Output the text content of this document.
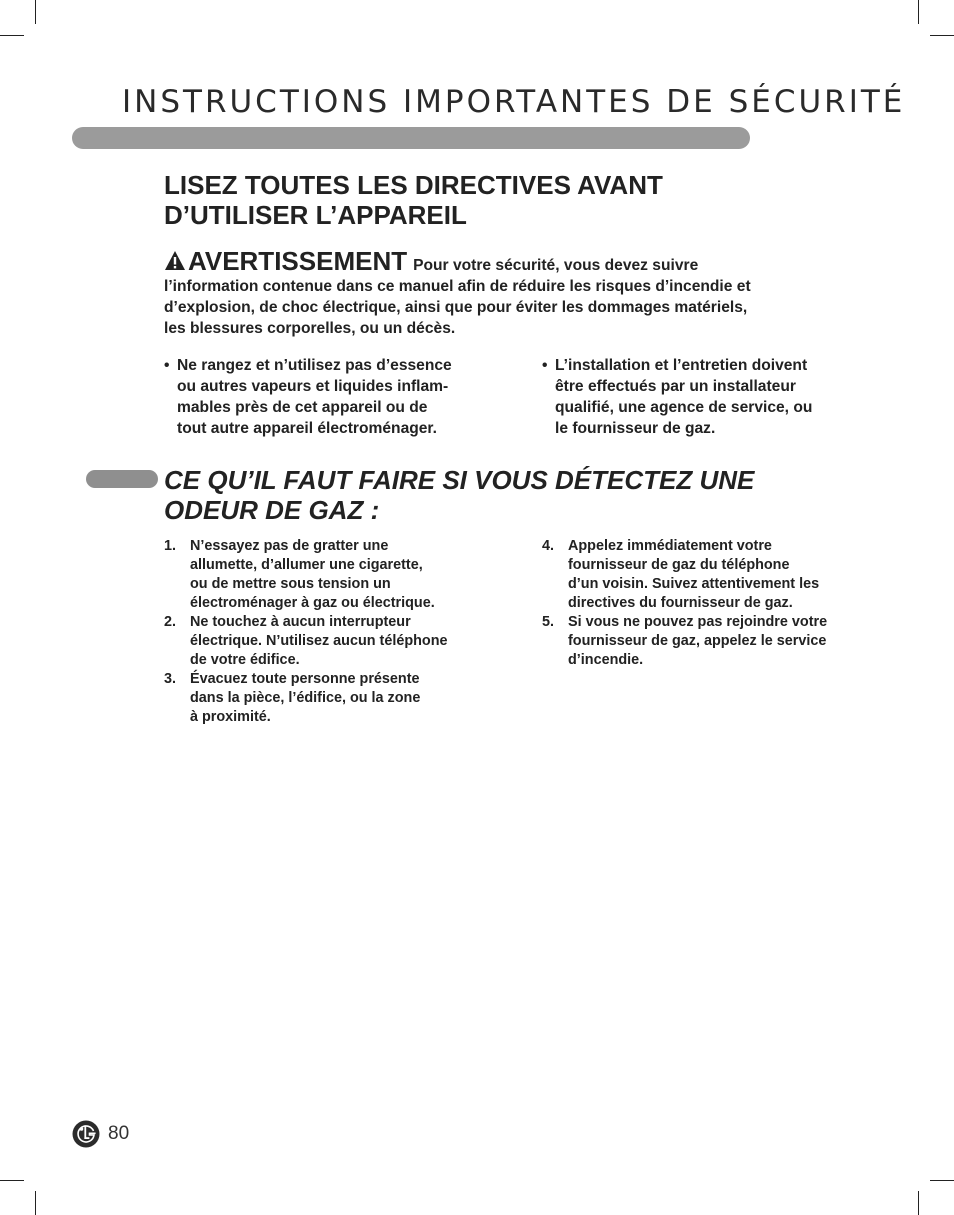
INSTRUCTIONS IMPORTANTES DE SÉCURITÉ
LISEZ TOUTES LES DIRECTIVES AVANT
D’UTILISER L’APPAREIL
AVERTISSEMENT Pour votre sécurité, vous devez suivre
l’information contenue dans ce manuel afin de réduire les risques d’incendie et
d’explosion, de choc électrique, ainsi que pour éviter les dommages matériels,
les blessures corporelles, ou un décès.
• Ne rangez et n’utilisez pas d’essence
ou autres vapeurs et liquides inflam-
mables près de cet appareil ou de
tout autre appareil électroménager.
• L’installation et l’entretien doivent
être effectués par un installateur
qualifié, une agence de service, ou
le fournisseur de gaz.
CE QU’IL FAUT FAIRE SI VOUS DÉTECTEZ UNE
ODEUR DE GAZ :
1. N’essayez pas de gratter une
allumette, d’allumer une cigarette,
ou de mettre sous tension un
électroménager à gaz ou électrique.
2. Ne touchez à aucun interrupteur
électrique. N’utilisez aucun téléphone
de votre édifice.
3. Évacuez toute personne présente
dans la pièce, l’édifice, ou la zone
à proximité.
4. Appelez immédiatement votre
fournisseur de gaz du téléphone
d’un voisin. Suivez attentivement les
directives du fournisseur de gaz.
5. Si vous ne pouvez pas rejoindre votre
fournisseur de gaz, appelez le service
d’incendie.
80
